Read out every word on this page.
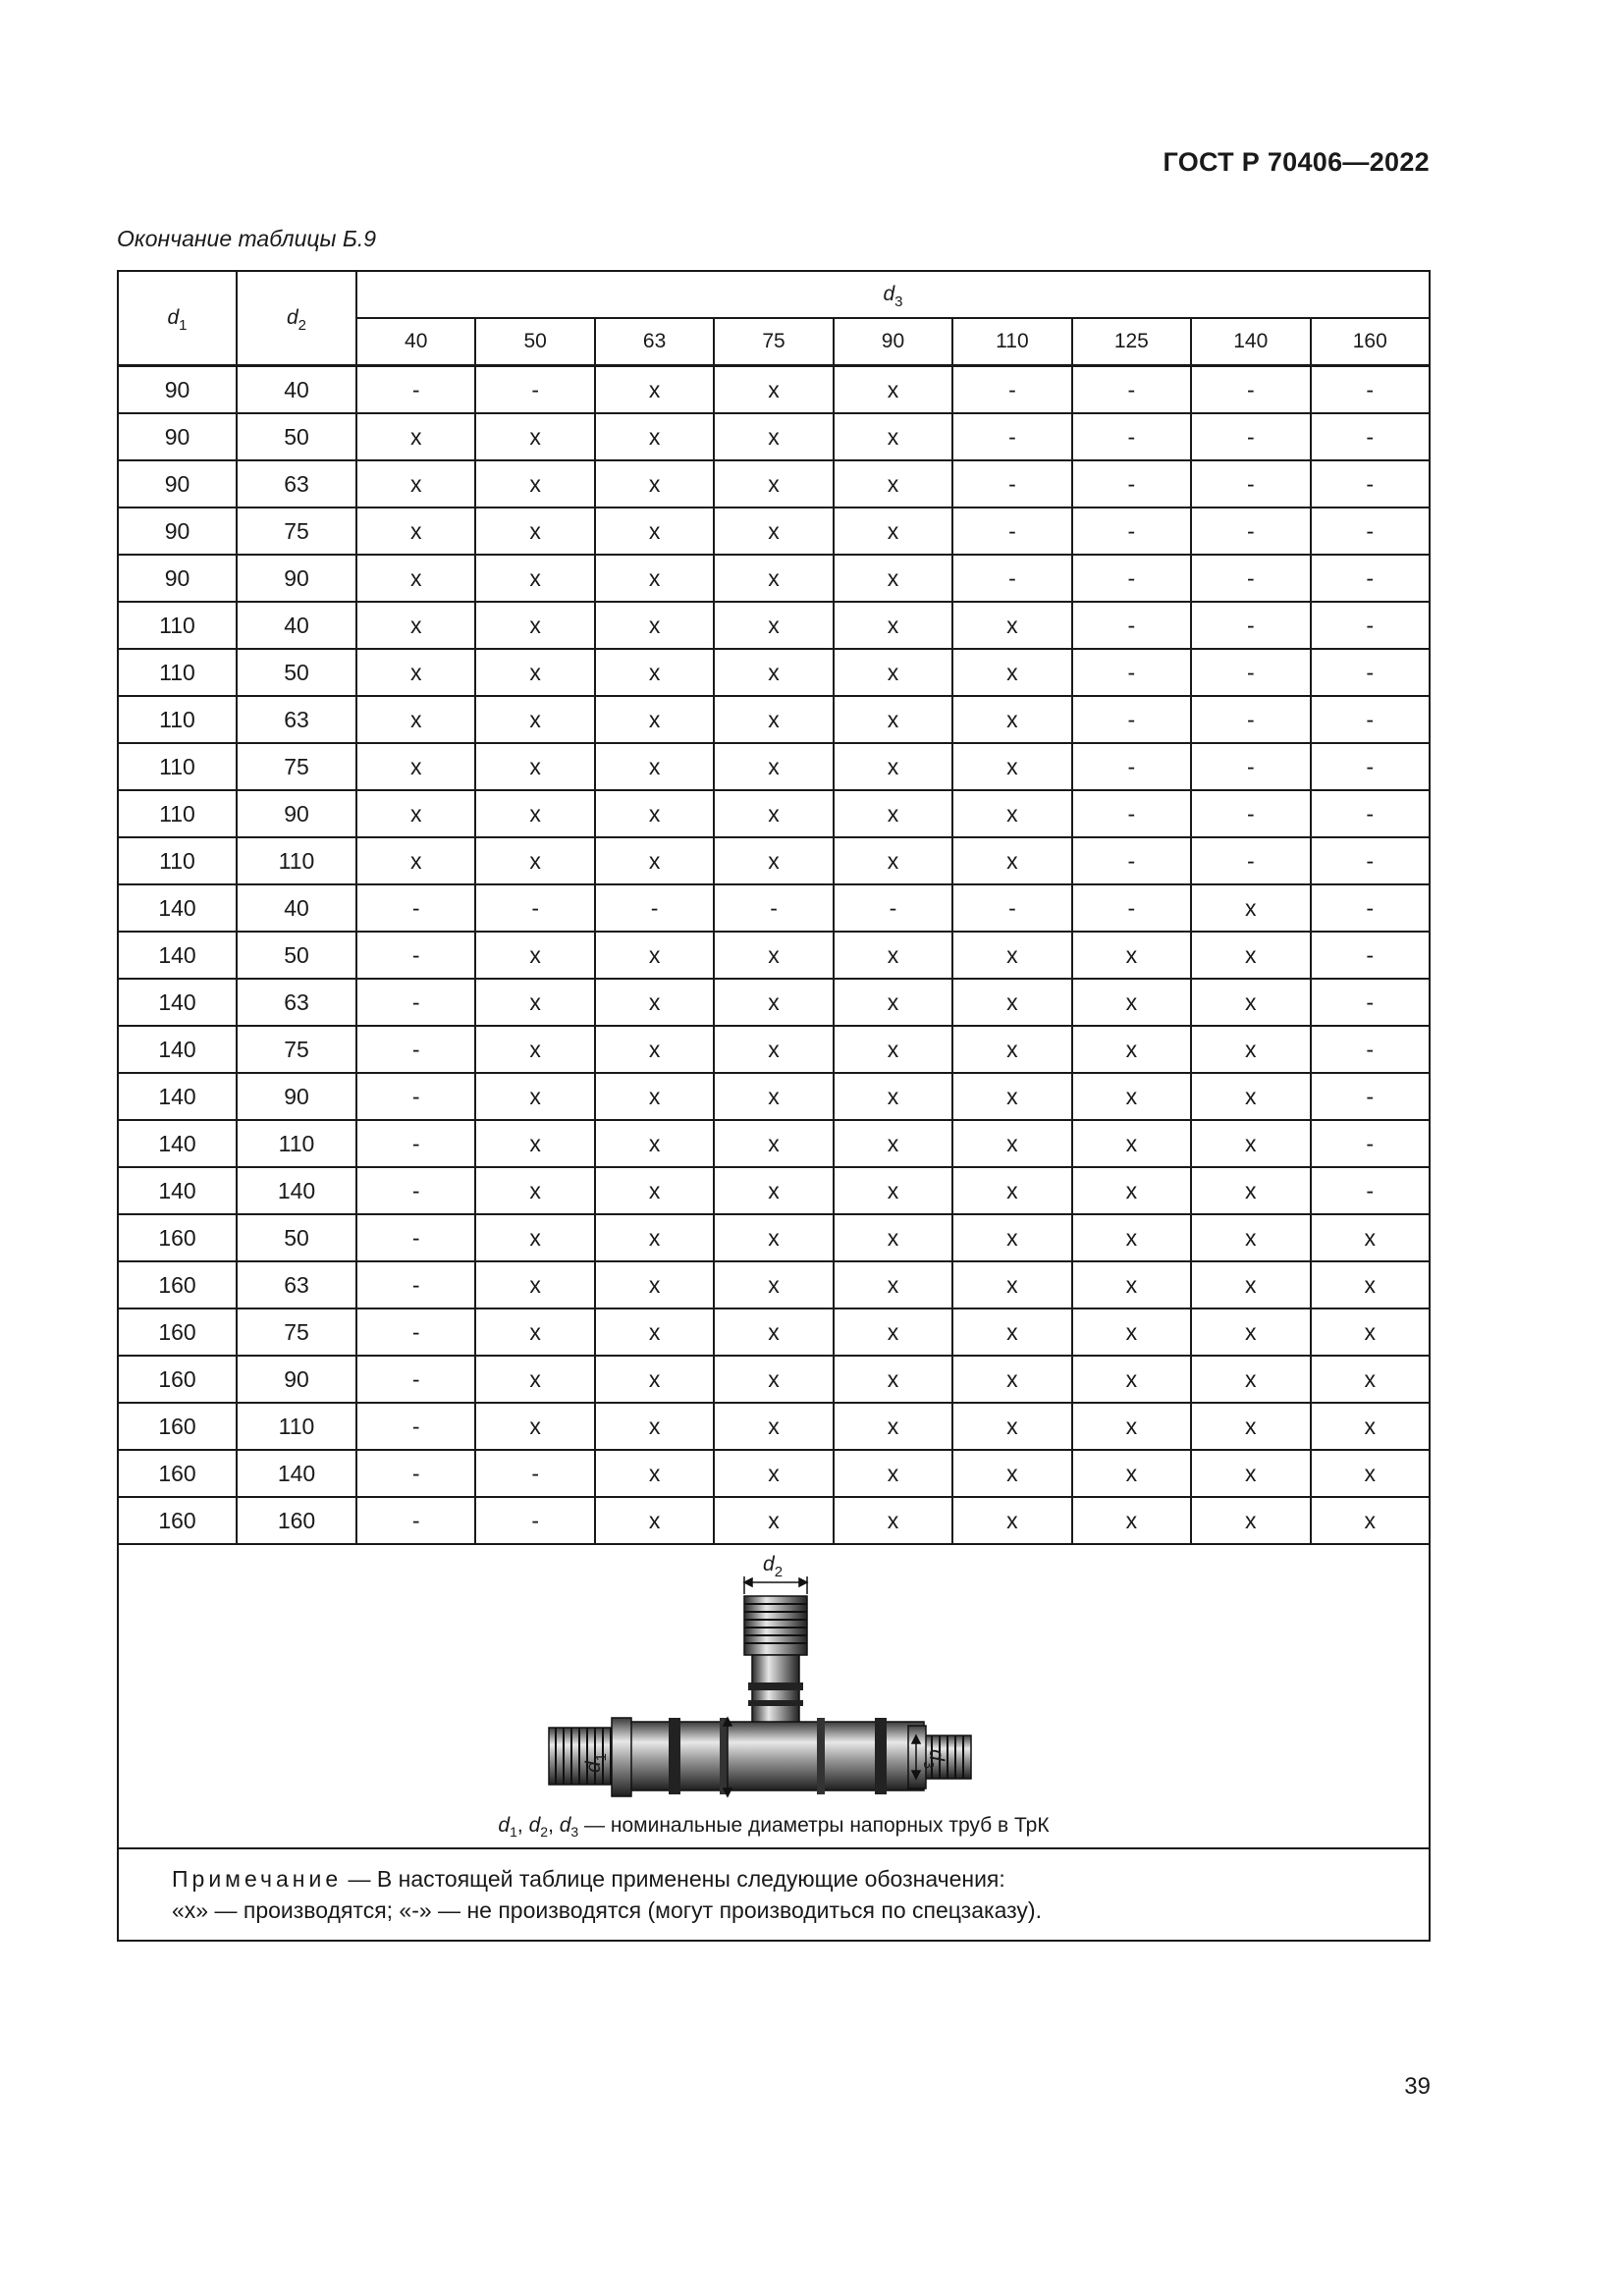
ГОСТ Р 70406—2022
Окончание таблицы Б.9
$d_1$	$d_2$	$d_3$
		40	50	63	75	90	110	125	140	160
90	40	-	-	x	x	x	-	-	-	-
90	50	x	x	x	x	x	-	-	-	-
90	63	x	x	x	x	x	-	-	-	-
90	75	x	x	x	x	x	-	-	-	-
90	90	x	x	x	x	x	-	-	-	-
110	40	x	x	x	x	x	x	-	-	-
110	50	x	x	x	x	x	x	-	-	-
110	63	x	x	x	x	x	x	-	-	-
110	75	x	x	x	x	x	x	-	-	-
110	90	x	x	x	x	x	x	-	-	-
110	110	x	x	x	x	x	x	-	-	-
140	40	-	-	-	-	-	-	-	x	-
140	50	-	x	x	x	x	x	x	x	-
140	63	-	x	x	x	x	x	x	x	-
140	75	-	x	x	x	x	x	x	x	-
140	90	-	x	x	x	x	x	x	x	-
140	110	-	x	x	x	x	x	x	x	-
140	140	-	x	x	x	x	x	x	x	-
160	50	-	x	x	x	x	x	x	x	x
160	63	-	x	x	x	x	x	x	x	x
160	75	-	x	x	x	x	x	x	x	x
160	90	-	x	x	x	x	x	x	x	x
160	110	-	x	x	x	x	x	x	x	x
160	140	-	-	x	x	x	x	x	x	x
160	160	-	-	x	x	x	x	x	x	x

$d_2$
$d_1$ $d_3$
$d_1$, $d_2$, $d_3$ — номинальные диаметры напорных труб в ТрК										

Примечание — В настоящей таблице применены следующие обозначения:
«x» — производятся; «-» — не производятся (могут производиться по спецзаказу).										
39
